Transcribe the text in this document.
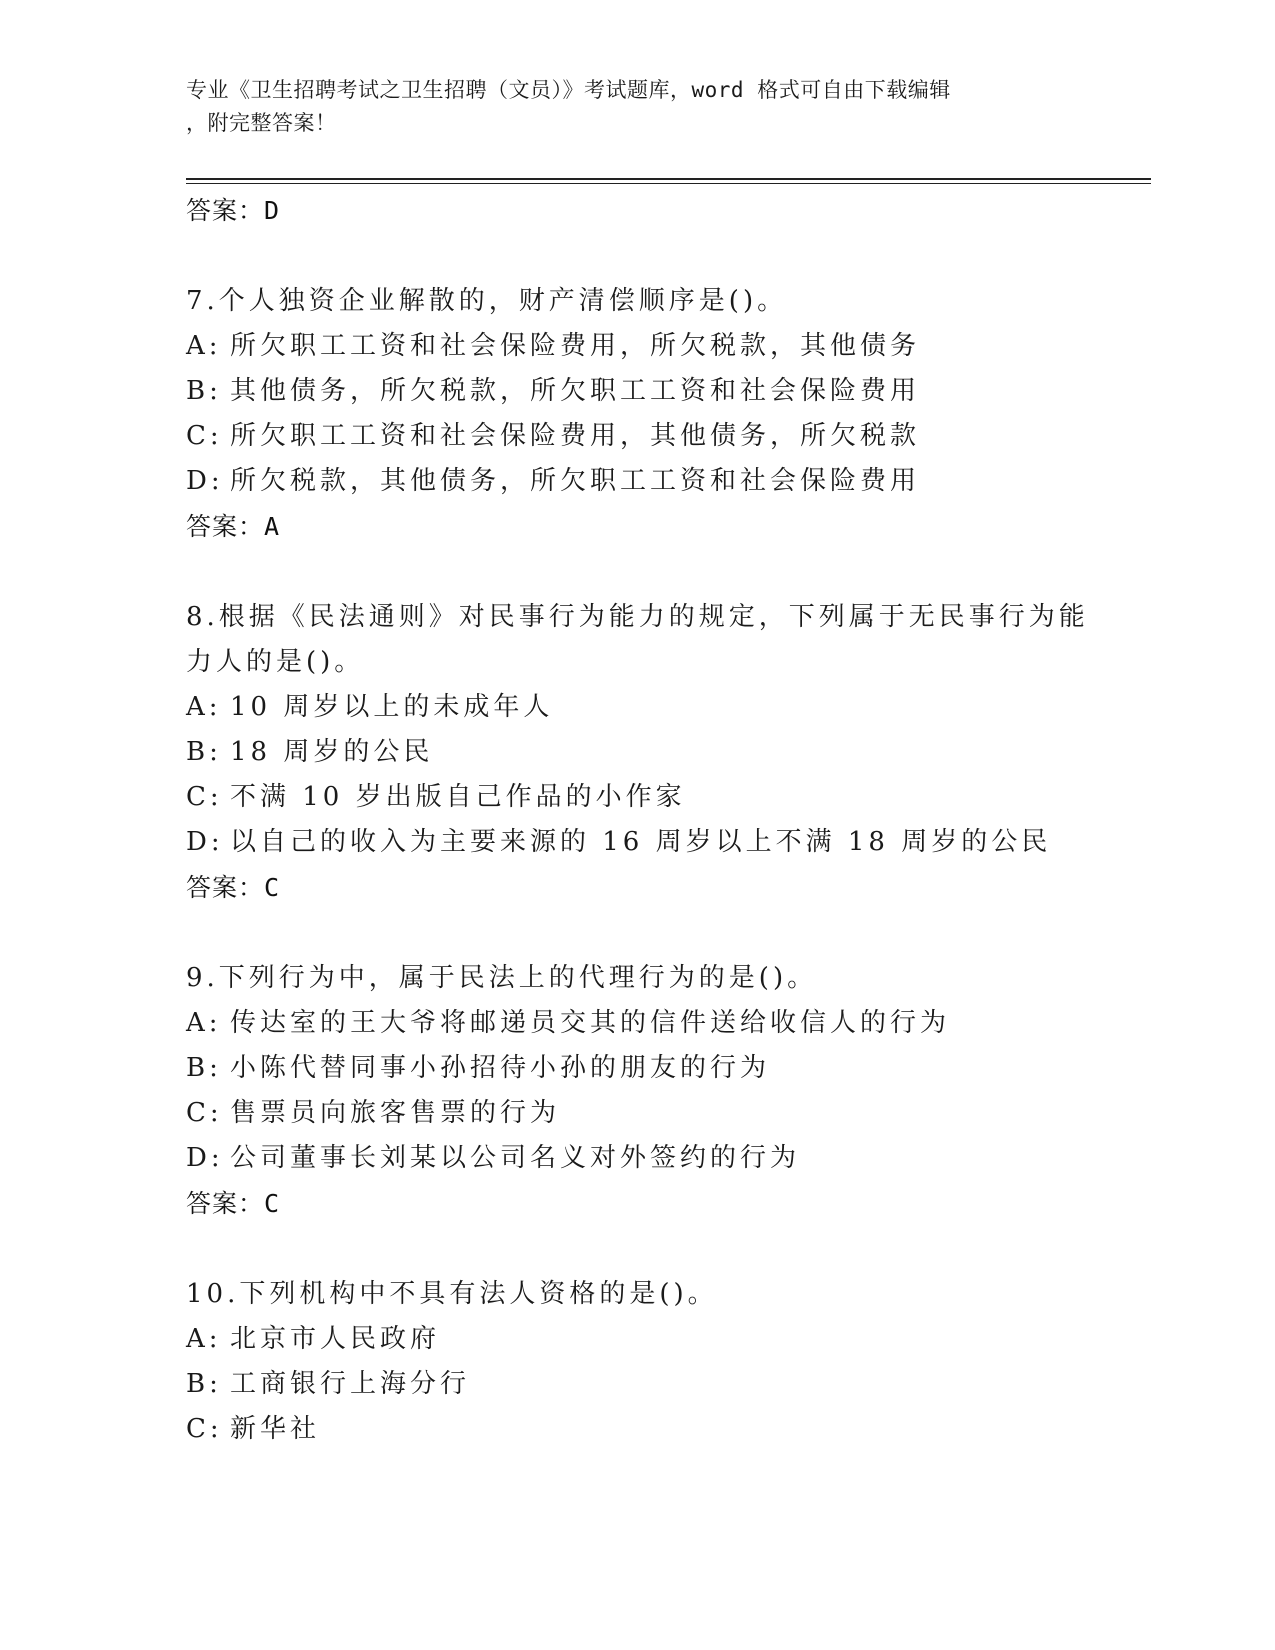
专业《卫生招聘考试之卫生招聘（文员）》考试题库，word 格式可自由下载编辑
，附完整答案！
答案：D
7.个人独资企业解散的，财产清偿顺序是()。
A: 所欠职工工资和社会保险费用，所欠税款，其他债务
B: 其他债务，所欠税款，所欠职工工资和社会保险费用
C: 所欠职工工资和社会保险费用，其他债务，所欠税款
D: 所欠税款，其他债务，所欠职工工资和社会保险费用
答案：A
8.根据《民法通则》对民事行为能力的规定，下列属于无民事行为能
力人的是()。
A: 10 周岁以上的未成年人
B: 18 周岁的公民
C: 不满 10 岁出版自己作品的小作家
D: 以自己的收入为主要来源的 16 周岁以上不满 18 周岁的公民
答案：C
9.下列行为中，属于民法上的代理行为的是()。
A: 传达室的王大爷将邮递员交其的信件送给收信人的行为
B: 小陈代替同事小孙招待小孙的朋友的行为
C: 售票员向旅客售票的行为
D: 公司董事长刘某以公司名义对外签约的行为
答案：C
10.下列机构中不具有法人资格的是()。
A: 北京市人民政府
B: 工商银行上海分行
C: 新华社
